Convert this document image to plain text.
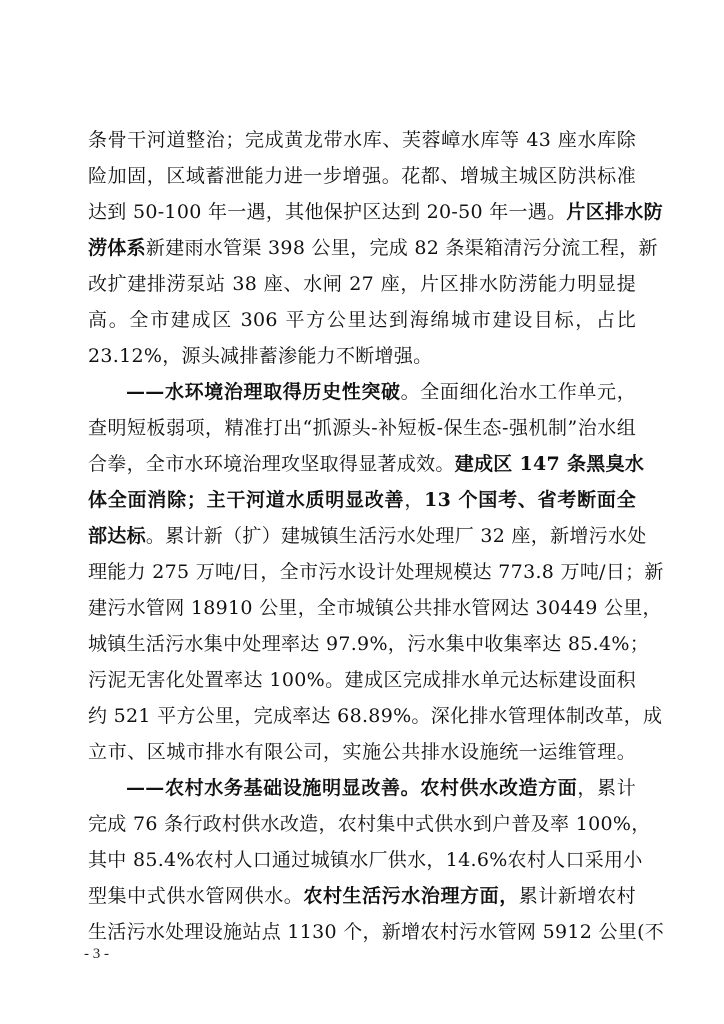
条骨干河道整治；完成黄龙带水库、芙蓉嶂水库等 43 座水库除
险加固，区域蓄泄能力进一步增强。花都、增城主城区防洪标准
达到 50-100 年一遇，其他保护区达到 20-50 年一遇。片区排水防
涝体系新建雨水管渠 398 公里，完成 82 条渠箱清污分流工程，新
改扩建排涝泵站 38 座、水闸 27 座，片区排水防涝能力明显提
高。全市建成区 306 平方公里达到海绵城市建设目标，占比
23.12%，源头减排蓄渗能力不断增强。
——水环境治理取得历史性突破。全面细化治水工作单元，
查明短板弱项，精准打出“抓源头-补短板-保生态-强机制”治水组
合拳，全市水环境治理攻坚取得显著成效。建成区 147 条黑臭水
体全面消除；主干河道水质明显改善，13 个国考、省考断面全
部达标。累计新（扩）建城镇生活污水处理厂 32 座，新增污水处
理能力 275 万吨/日，全市污水设计处理规模达 773.8 万吨/日；新
建污水管网 18910 公里，全市城镇公共排水管网达 30449 公里，
城镇生活污水集中处理率达 97.9%，污水集中收集率达 85.4%；
污泥无害化处置率达 100%。建成区完成排水单元达标建设面积
约 521 平方公里，完成率达 68.89%。深化排水管理体制改革，成
立市、区城市排水有限公司，实施公共排水设施统一运维管理。
——农村水务基础设施明显改善。农村供水改造方面，累计
完成 76 条行政村供水改造，农村集中式供水到户普及率 100%，
其中 85.4%农村人口通过城镇水厂供水，14.6%农村人口采用小
型集中式供水管网供水。农村生活污水治理方面，累计新增农村
生活污水处理设施站点 1130 个，新增农村污水管网 5912 公里(不
- 3 -
